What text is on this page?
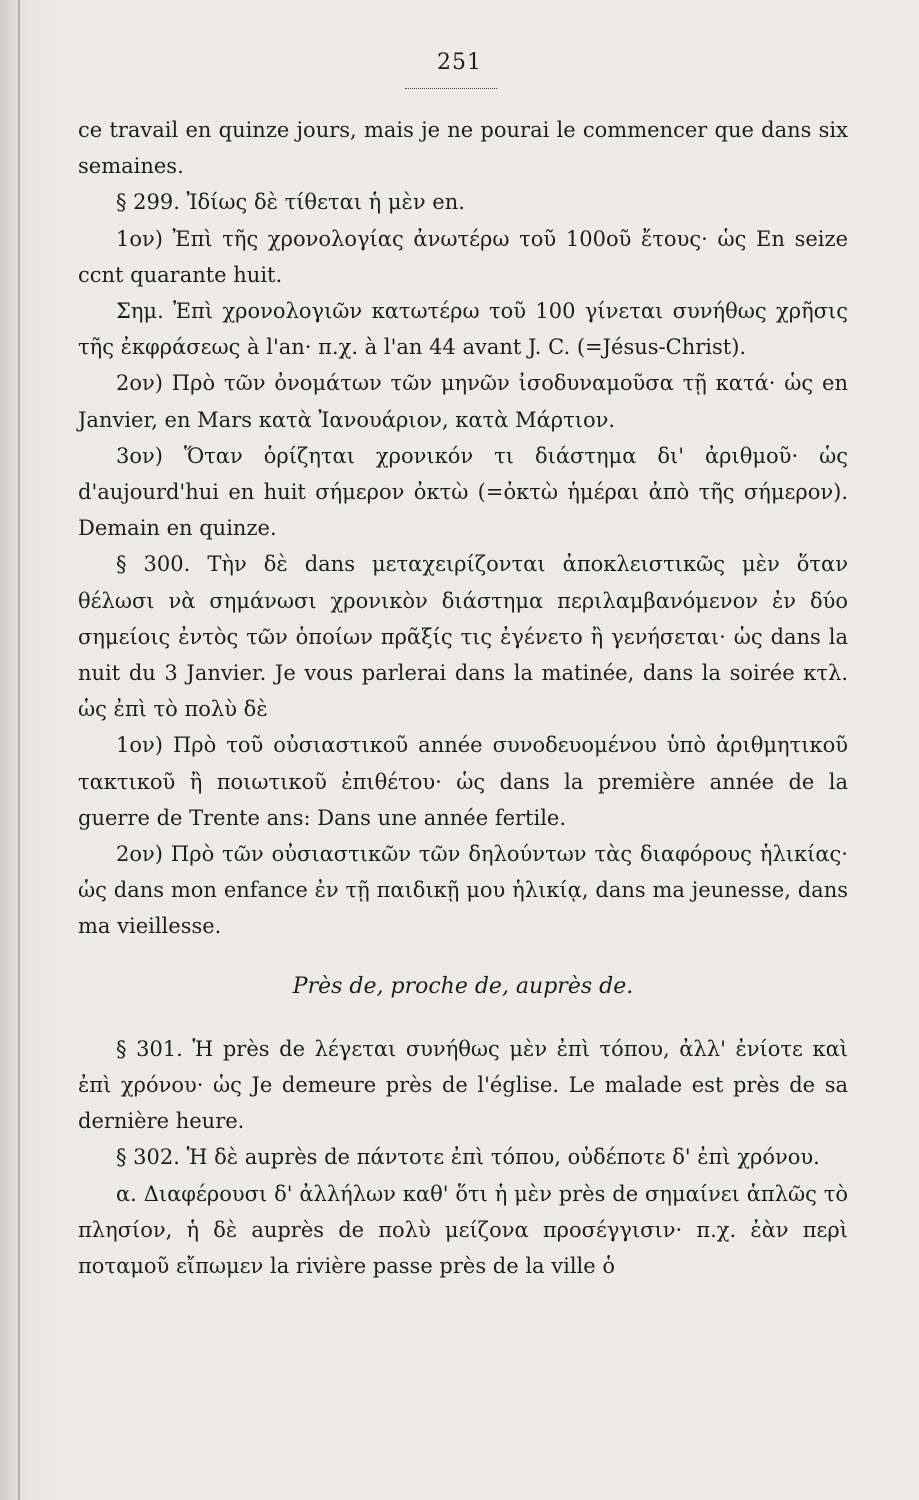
251

ce travail en quinze jours, mais je ne pourai le commencer que dans six semaines.

§ 299. Ἰδίως δὲ τίθεται ἡ μὲν en.

1ον) Ἐπὶ τῆς χρονολογίας ἀνωτέρω τοῦ 100οῦ ἔτους· ὡς En seize ccnt quarante huit.

Σημ. Ἐπὶ χρονολογιῶν κατωτέρω τοῦ 100 γίνεται συνήθως χρῆσις τῆς ἐκφράσεως à l'an· π.χ. à l'an 44 avant J. C. (=Jésus-Christ).

2ον) Πρὸ τῶν ὀνομάτων τῶν μηνῶν ἰσοδυναμοῦσα τῇ κατά· ὡς en Janvier, en Mars κατὰ Ἰανουάριον, κατὰ Μάρτιον.

3ον) Ὅταν ὁρίζηται χρονικόν τι διάστημα δι' ἀριθμοῦ· ὡς d'aujourd'hui en huit σήμερον ὀκτὼ (=ὀκτὼ ἡμέραι ἀπὸ τῆς σήμερον). Demain en quinze.

§ 300. Τὴν δὲ dans μεταχειρίζονται ἀποκλειστικῶς μὲν ὅταν θέλωσι νὰ σημάνωσι χρονικὸν διάστημα περιλαμβανόμενον ἐν δύο σημείοις ἐντὸς τῶν ὁποίων πρᾶξίς τις ἐγένετο ἢ γενήσεται· ὡς dans la nuit du 3 Janvier. Je vous parlerai dans la matinée, dans la soirée κτλ. ὡς ἐπὶ τὸ πολὺ δὲ

1ον) Πρὸ τοῦ οὐσιαστικοῦ année συνοδευομένου ὑπὸ ἀριθμητικοῦ τακτικοῦ ἢ ποιωτικοῦ ἐπιθέτου· ὡς dans la première année de la guerre de Trente ans: Dans une année fertile.

2ον) Πρὸ τῶν οὐσιαστικῶν τῶν δηλούντων τὰς διαφόρους ἡλικίας· ὡς dans mon enfance ἐν τῇ παιδικῇ μου ἡλικίᾳ, dans ma jeunesse, dans ma vieillesse.

Près de, proche de, auprès de.

§ 301. Ἡ près de λέγεται συνήθως μὲν ἐπὶ τόπου, ἀλλ' ἐνίοτε καὶ ἐπὶ χρόνου· ὡς Je demeure près de l'église. Le malade est près de sa dernière heure.

§ 302. Ἡ δὲ auprès de πάντοτε ἐπὶ τόπου, οὐδέποτε δ' ἐπὶ χρόνου.

α. Διαφέρουσι δ' ἀλλήλων καθ' ὅτι ἡ μὲν près de σημαίνει ἁπλῶς τὸ πλησίον, ἡ δὲ auprès de πολὺ μείζονα προσέγγισιν· π.χ. ἐὰν περὶ ποταμοῦ εἴπωμεν la rivière passe près de la ville ὁ
